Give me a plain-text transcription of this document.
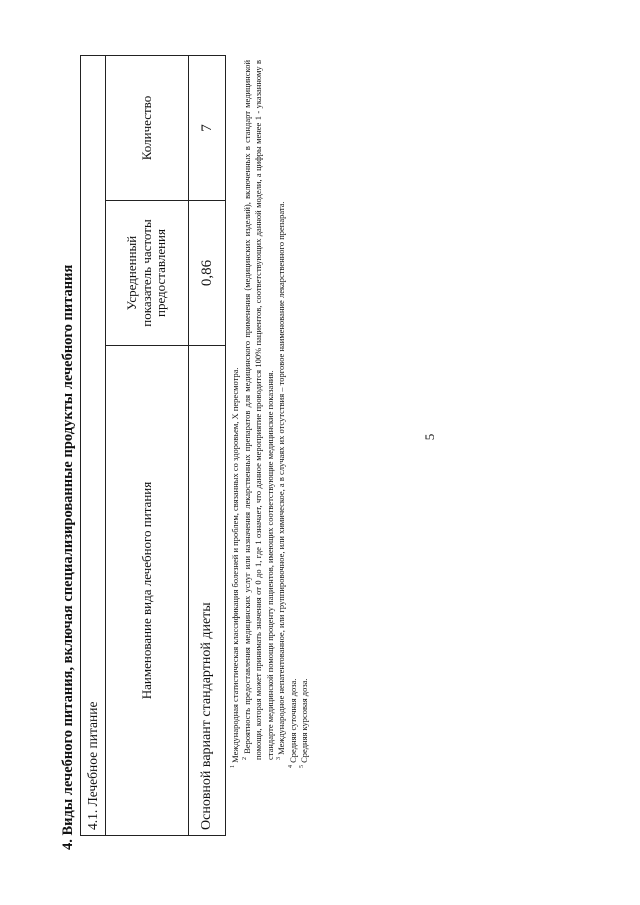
5
4. Виды лечебного питания, включая специализированные продукты лечебного питания 4.1. Лечебное питание		
Наименование вида лечебного питания	Усредненный показатель частоты предоставления	Количество
Основной вариант стандартной диеты	0,86	7
$^1$ Международная статистическая классификация болезней и проблем, связанных со здоровьем, X пересмотра. $^2$ Вероятность предоставления медицинских услуг или назначения лекарственных препаратов для медицинского применения (медицинских изделий), включенных в стандарт медицинской помощи, которая может принимать значения от 0 до 1, где 1 означает, что данное мероприятие проводится 100% пациентов, соответствующих данной модели, а цифры менее 1 - указанному в стандарте медицинской помощи проценту пациентов, имеющих соответствующие медицинские показания. $^3$ Международное непатентованное, или группировочное, или химическое, а в случаях их отсутствия – торговое наименование лекарственного препарата.
$^4$ Средняя суточная доза.
$^5$ Средняя курсовая доза.
